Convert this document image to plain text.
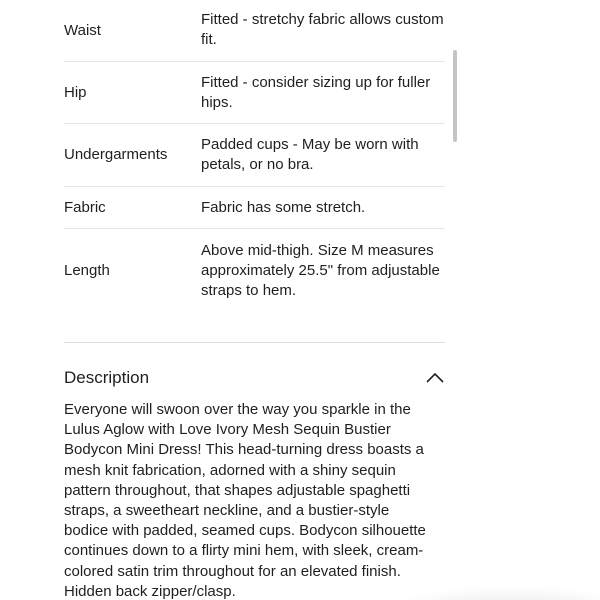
Waist
Fitted - stretchy fabric allows custom fit.
Hip
Fitted - consider sizing up for fuller hips.
Undergarments
Padded cups - May be worn with petals, or no bra.
Fabric	Fabric has some stretch.
Length
Above mid-thigh. Size M measures approximately 25.5" from adjustable straps to hem.
Description
Everyone will swoon over the way you sparkle in the Lulus Aglow with Love Ivory Mesh Sequin Bustier Bodycon Mini Dress! This head-turning dress boasts a mesh knit fabrication, adorned with a shiny sequin pattern throughout, that shapes adjustable spaghetti straps, a sweetheart neckline, and a bustier-style bodice with padded, seamed cups. Bodycon silhouette continues down to a flirty mini hem, with sleek, cream-colored satin trim throughout for an elevated finish. Hidden back zipper/clasp.
